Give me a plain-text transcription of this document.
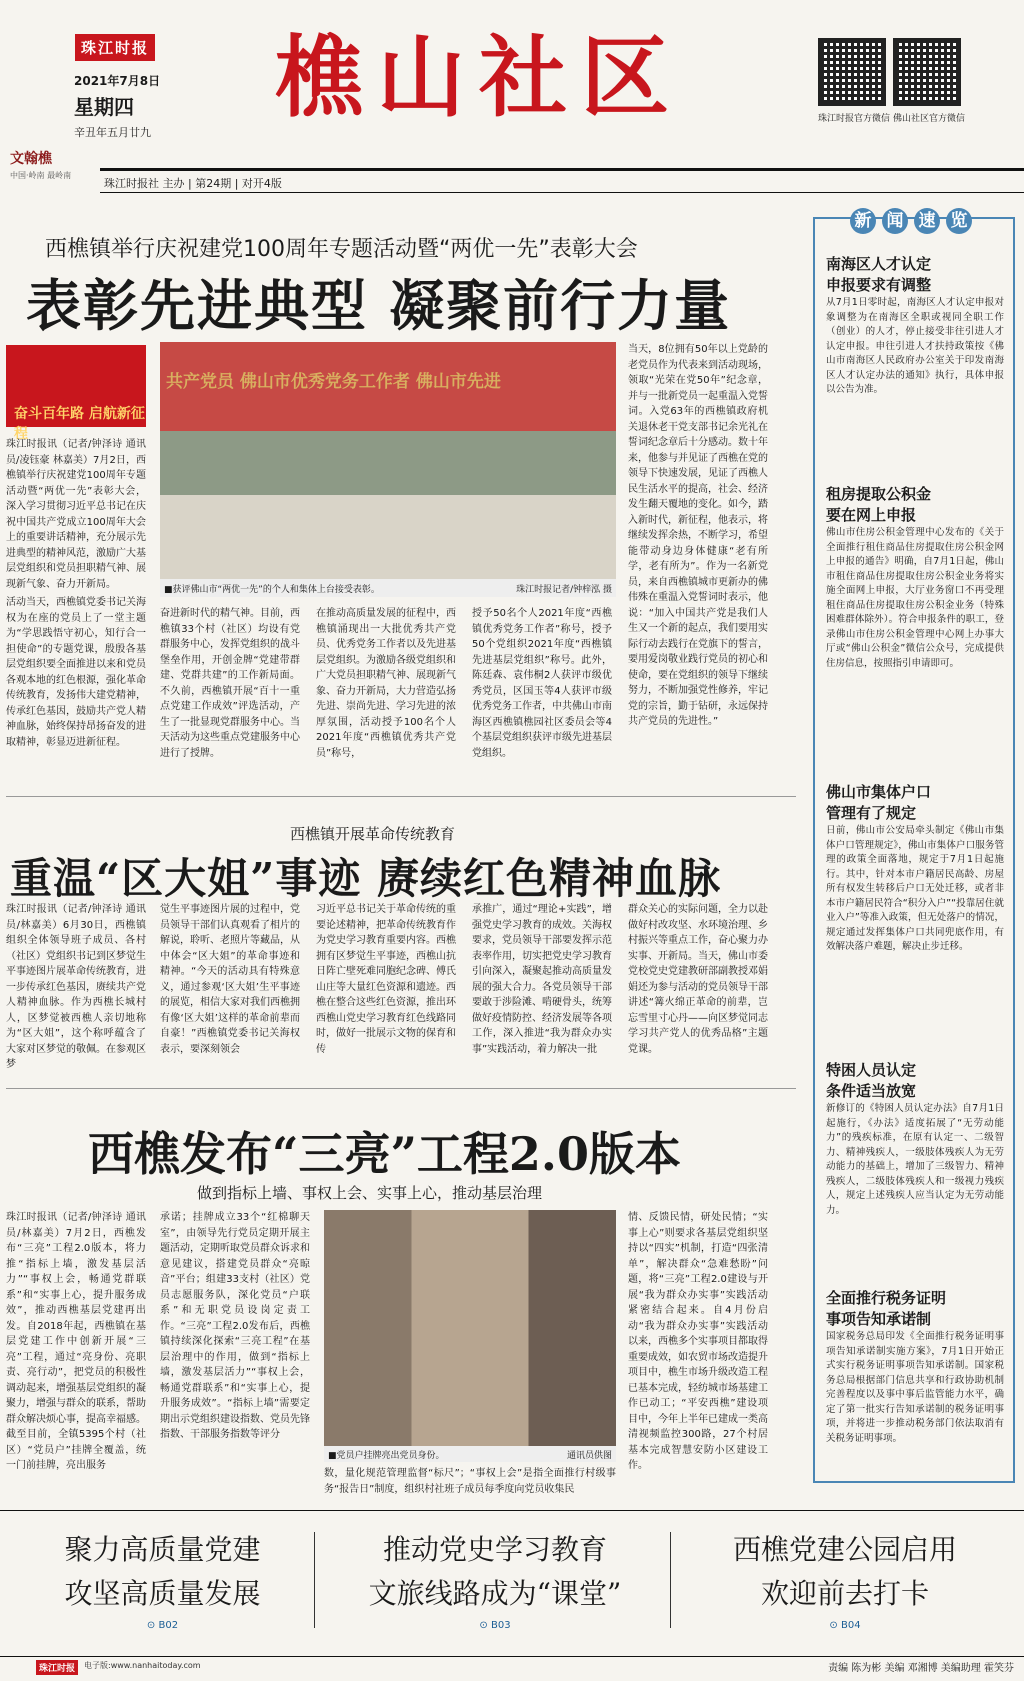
珠江时报
2021年7月8日
星期四
辛丑年五月廿九
樵山社区	珠江时报官方微信 佛山社区官方微信
文翰樵
中国·岭南 最岭南
珠江时报社 主办 | 第24期 | 对开4版
西樵镇举行庆祝建党100周年专题活动暨“两优一先”表彰大会
表彰先进典型 凝聚前行力量
奋斗百年路 启航新征程
共产党员 佛山市优秀党务工作者 佛山市先进
■获评佛山市“两优一先”的个人和集体上台接受表彰。	珠江时报记者/钟梓泓 摄
珠江时报讯（记者/钟泽诗 通讯员/凌钰豪 林嘉美）7月2日，西樵镇举行庆祝建党100周年专题活动暨“两优一先”表彰大会，深入学习贯彻习近平总书记在庆祝中国共产党成立100周年大会上的重要讲话精神，充分展示先进典型的精神风范，激励广大基层党组织和党员担职精气神、展现新气象、奋力开新局。
活动当天，西樵镇党委书记关海权为在座的党员上了一堂主题为“学思践悟守初心，知行合一担使命”的专题党课，殷殷各基层党组织要全面推进以来和党员各观本地的红色根源，强化革命传统教育，发扬伟大建党精神，传承红色基因，鼓励共产党人精神血脉，始终保持昂扬奋发的进取精神，彰显迈进新征程。
奋进新时代的精气神。目前，西樵镇33个村（社区）均设有党群服务中心，发挥党组织的战斗堡垒作用，开创金牌“党建带群建、党群共建”的工作新局面。不久前，西樵镇开展“百十一重点党建工作成效”评选活动，产生了一批显现党群服务中心。当天活动为这些重点党建服务中心进行了授牌。
在推动高质量发展的征程中，西樵镇涌现出一大批优秀共产党员、优秀党务工作者以及先进基层党组织。为激励各级党组织和广大党员担职精气神、展现新气象、奋力开新局，大力营造弘扬先进、崇尚先进、学习先进的浓厚氛围，活动授予100名个人2021年度“西樵镇优秀共产党员”称号，
授予50名个人2021年度“西樵镇优秀党务工作者”称号，授予50个党组织2021年度“西樵镇先进基层党组织”称号。此外，陈廷森、袁伟桐2人获评市级优秀党员，区国玉等4人获评市级优秀党务工作者，中共佛山市南海区西樵镇樵园社区委员会等4个基层党组织获评市级先进基层党组织。
当天，8位拥有50年以上党龄的老党员作为代表来到活动现场，领取“光荣在党50年”纪念章，并与一批新党员一起重温入党誓词。入党63年的西樵镇政府机关退休老干党支部书记余光礼在誓词纪念章后十分感动。数十年来，他参与并见证了西樵在党的领导下快速发展，见证了西樵人民生活水平的提高，社会、经济发生翻天覆地的变化。如今，踏入新时代，新征程，他表示，将继续发挥余热，不断学习，希望能带动身边身体健康“老有所学，老有所为”。作为一名新党员，来自西樵镇城市更新办的佛伟殊在重温入党誓词时表示，他说：“加入中国共产党是我们人生又一个新的起点，我们要用实际行动去践行在党旗下的誓言，要用爱岗敬业践行党员的初心和使命，要在党组织的领导下继续努力，不断加强党性修养，牢记党的宗旨，勤于钻研，永远保持共产党员的先进性。”
西樵镇开展革命传统教育
重温“区大姐”事迹 赓续红色精神血脉
珠江时报讯（记者/钟泽诗 通讯员/林嘉美）6月30日，西樵镇组织全体领导班子成员、各村（社区）党组织书记到区梦觉生平事迹图片展革命传统教育，进一步传承红色基因，赓续共产党人精神血脉。作为西樵长城村人，区梦觉被西樵人亲切地称为“区大姐”，这个称呼蕴含了大家对区梦觉的敬佩。在参观区梦
觉生平事迹图片展的过程中，党员领导干部们认真观看了相片的解说，聆听、老照片等藏品，从中体会“区大姐”的革命事迹和精神。“今天的活动具有特殊意义，通过参观‘区大姐’生平事迹的展览，相信大家对我们西樵拥有像‘区大姐’这样的革命前辈而自豪！”西樵镇党委书记关海权表示，要深刻领会
习近平总书记关于革命传统的重要论述精神，把革命传统教育作为党史学习教育重要内容。西樵拥有区梦觉生平事迹，西樵山抗日阵亡壁死难同胞纪念碑、傅氏山庄等大量红色资源和遗迹。西樵在整合这些红色资源，推出环西樵山党史学习教育红色线路同时，做好一批展示文物的保育和传
承推广，通过“理论+实践”，增强党史学习教育的成效。关海权要求，党员领导干部要发挥示范表率作用，切实把党史学习教育引向深入，凝聚起推动高质量发展的强大合力。各党员领导干部要敢于涉险滩、啃硬骨头，统筹做好疫情防控、经济发展等各项工作，深入推进“我为群众办实事”实践活动，着力解决一批
群众关心的实际问题，全力以赴做好村改攻坚、水环境治理、乡村振兴等重点工作，奋心聚力办实事、开新局。当天，佛山市委党校党史党建教研部副教授邓娟娟还为参与活动的党员领导干部讲述“篝火绵正革命的前辈，岂忘雪里寸心丹——向区梦觉同志学习共产党人的优秀品格”主题党课。
西樵发布“三亮”工程2.0版本
做到指标上墙、事权上会、实事上心，推动基层治理
珠江时报讯（记者/钟泽诗 通讯员/林嘉美）7月2日，西樵发布“三亮”工程2.0版本，将力推“指标上墙，激发基层活力”“事权上会，畅通党群联系”和“实事上心，提升服务成效”，推动西樵基层党建再出发。自2018年起，西樵镇在基层党建工作中创新开展“三亮”工程，通过“亮身份、亮职责、亮行动”，把党员的积极性调动起来，增强基层党组织的凝聚力，增强与群众的联系，帮助群众解决烦心事，提高幸福感。截至目前，全镇5395个村（社区）“党员户”挂牌全覆盖，统一门前挂牌，亮出服务
承诺；挂牌成立33个“红棉聊天室”，由领导先行党员定期开展主题活动，定期听取党员群众诉求和意见建议，搭建党员群众“亮晾音”平台；组建33支村（社区）党员志愿服务队，深化党员“户联系”和无职党员设岗定责工作。“三亮”工程2.0发布后，西樵镇持续深化探索“三亮工程”在基层治理中的作用，做到“指标上墙，激发基层活力”“事权上会，畅通党群联系”和“实事上心，提升服务成效”。“指标上墙”需要定期出示党组织建设指数、党员先锋指数、干部服务指数等评分
■党员户挂牌亮出党员身份。	通讯员供图
数，量化规范管理监督“标尺”；“事权上会”是指全面推行村级事务“报告日”制度，组织村社班子成员每季度向党员收集民
情、反馈民情，研处民情；“实事上心”则要求各基层党组织坚持以“四实”机制，打造“四张清单”，解决群众“急难愁盼”问题，将“三亮”工程2.0建设与开展“我为群众办实事”实践活动紧密结合起来。自4月份启动“我为群众办实事”实践活动以来，西樵多个实事项目都取得重要成效，如农贸市场改造提升项目中，樵生市场升级改造工程已基本完成，轻纺城市场基建工作已动工；“平安西樵”建设项目中，今年上半年已建成一类高清视频监控300路，27个村居基本完成智慧安防小区建设工作。
新 闻 速 览
南海区人才认定
申报要求有调整
从7月1日零时起，南海区人才认定申报对象调整为在南海区全职或视同全职工作（创业）的人才，停止接受非往引进人才认定申报。申往引进人才扶持政策按《佛山市南海区人民政府办公室关于印发南海区人才认定办法的通知》执行，具体申报以公告为准。
租房提取公积金
要在网上申报
佛山市住房公积金管理中心发布的《关于全面推行租住商品住房提取住房公积金网上申报的通告》明确，自7月1日起，佛山市租住商品住房提取住房公积金业务将实施全面网上申报，大厅业务窗口不再受理租住商品住房提取住房公积金业务（特殊困难群体除外）。符合申报条件的职工，登录佛山市住房公积金管理中心网上办事大厅或“佛山公积金”微信公众号，完成提供住房信息，按照指引申请即可。
佛山市集体户口
管理有了规定
日前，佛山市公安局牵头制定《佛山市集体户口管理规定》，佛山市集体户口服务管理的政策全面落地，规定于7月1日起施行。其中，针对本市户籍居民高龄、房屋所有权发生转移后户口无处迁移，或者非本市户籍居民符合“积分入户”“投靠居住就业入户”等准入政策，但无处落户的情况，规定通过发挥集体户口共同兜底作用，有效解决落户难题，解决止步迁移。
特困人员认定
条件适当放宽
新修订的《特困人员认定办法》自7月1日起施行，《办法》适度拓展了“无劳动能力”的残疾标准，在原有认定一、二级智力、精神残疾人，一级肢体残疾人为无劳动能力的基础上，增加了三级智力、精神残疾人，二级肢体残疾人和一级视力残疾人，规定上述残疾人应当认定为无劳动能力。
全面推行税务证明
事项告知承诺制
国家税务总局印发《全面推行税务证明事项告知承诺制实施方案》，7月1日开始正式实行税务证明事项告知承诺制。国家税务总局根据部门信息共享和行政协助机制完善程度以及事中事后监管能力水平，确定了第一批实行告知承诺制的税务证明事项，并将进一步推动税务部门依法取消有关税务证明事项。
聚力高质量党建
攻坚高质量发展
⊙ B02
推动党史学习教育
文旅线路成为“课堂”
⊙ B03
西樵党建公园启用
欢迎前去打卡
⊙ B04
珠江时报	电子版:www.nanhaitoday.com	责编 陈为彬 美编 邓湘博 美编助理 霍笑芬
